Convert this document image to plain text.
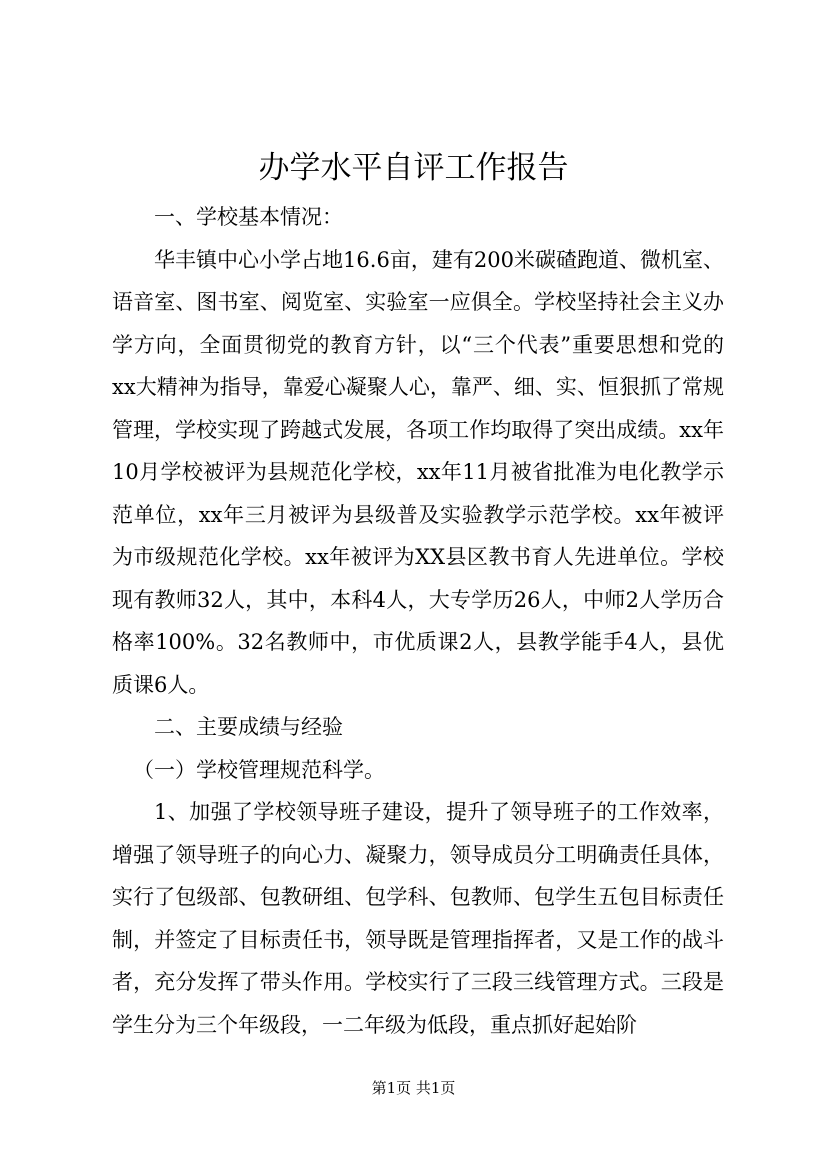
办学水平自评工作报告

一、学校基本情况：

华丰镇中心小学占地16.6亩，建有200米碳碴跑道、微机室、语音室、图书室、阅览室、实验室一应俱全。学校坚持社会主义办学方向，全面贯彻党的教育方针，以“三个代表”重要思想和党的xx大精神为指导，靠爱心凝聚人心，靠严、细、实、恒狠抓了常规管理，学校实现了跨越式发展，各项工作均取得了突出成绩。xx年10月学校被评为县规范化学校，xx年11月被省批准为电化教学示范单位，xx年三月被评为县级普及实验教学示范学校。xx年被评为市级规范化学校。xx年被评为XX县区教书育人先进单位。学校现有教师32人，其中，本科4人，大专学历26人，中师2人学历合格率100%。32名教师中，市优质课2人，县教学能手4人，县优质课6人。

二、主要成绩与经验

（一）学校管理规范科学。

1、加强了学校领导班子建设，提升了领导班子的工作效率，增强了领导班子的向心力、凝聚力，领导成员分工明确责任具体，实行了包级部、包教研组、包学科、包教师、包学生五包目标责任制，并签定了目标责任书，领导既是管理指挥者，又是工作的战斗者，充分发挥了带头作用。学校实行了三段三线管理方式。三段是学生分为三个年级段，一二年级为低段，重点抓好起始阶

第1页 共1页
